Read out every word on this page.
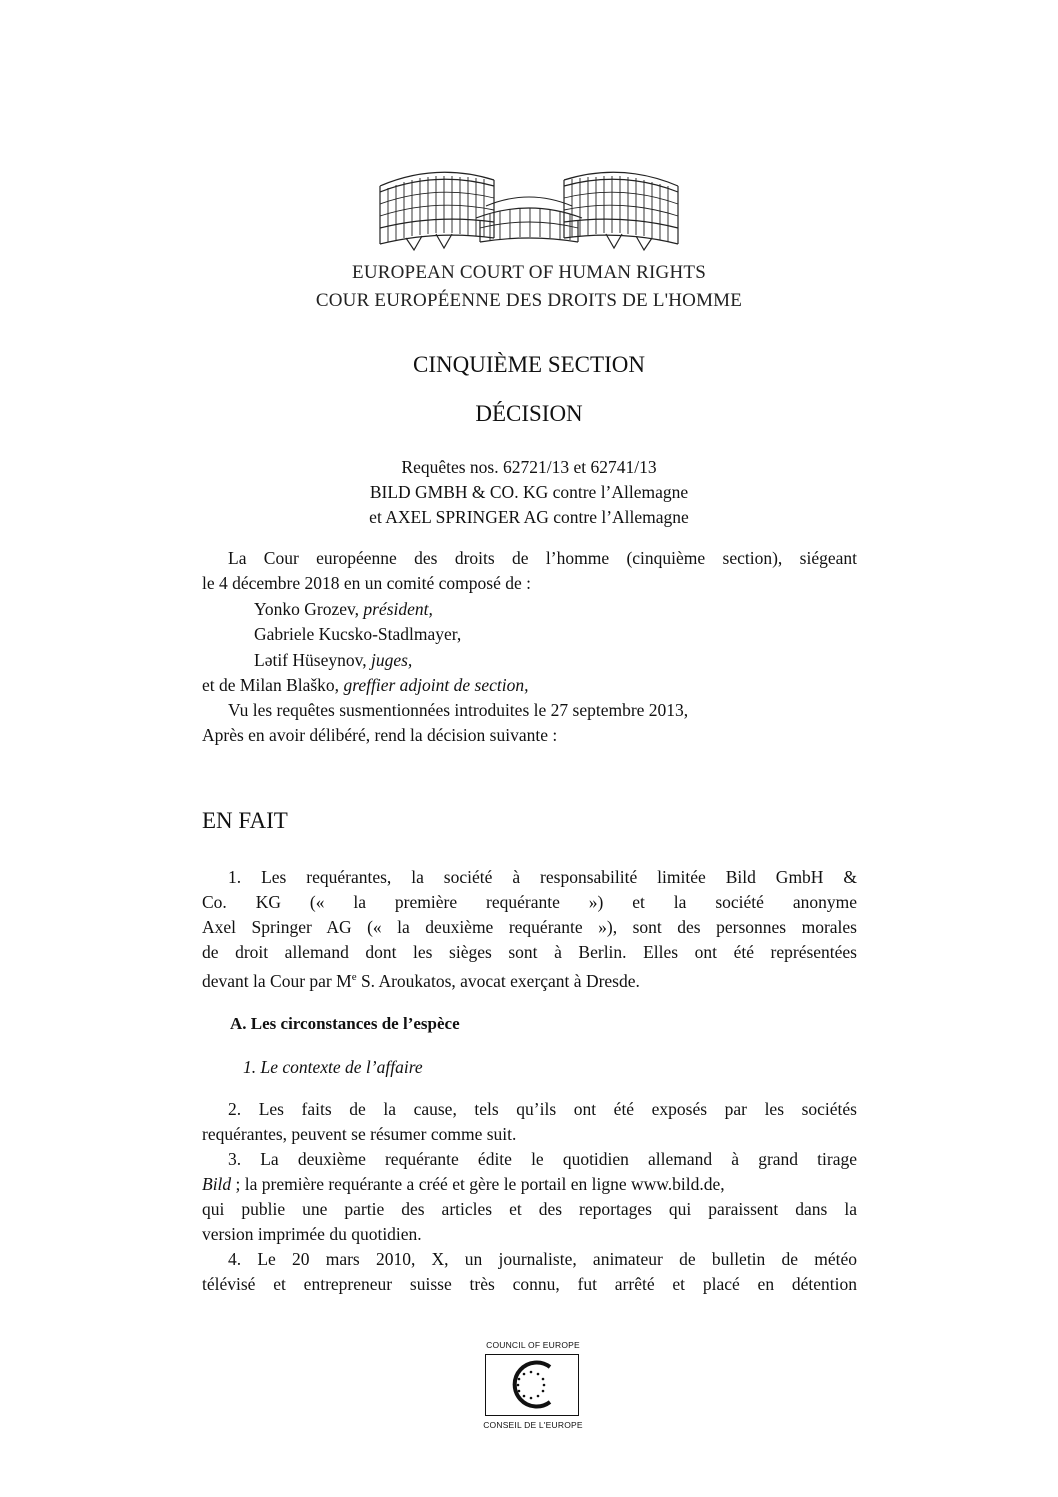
EUROPEAN COURT OF HUMAN RIGHTS
COUR EUROPÉENNE DES DROITS DE L'HOMME
CINQUIÈME SECTION
DÉCISION
Requêtes nos. 62721/13 et 62741/13
BILD GMBH & CO. KG contre l’Allemagne
et AXEL SPRINGER AG contre l’Allemagne
La Cour européenne des droits de l’homme (cinquième section), siégeant
le 4 décembre 2018 en un comité composé de :
Yonko Grozev, président,
Gabriele Kucsko-Stadlmayer,
Lətif Hüseynov, juges,
et de Milan Blaško, greffier adjoint de section,
Vu les requêtes susmentionnées introduites le 27 septembre 2013,
Après en avoir délibéré, rend la décision suivante :
EN FAIT
1. Les requérantes, la société à responsabilité limitée Bild GmbH &
Co. KG (« la première requérante ») et la société anonyme
Axel Springer AG (« la deuxième requérante »), sont des personnes morales
de droit allemand dont les sièges sont à Berlin. Elles ont été représentées
devant la Cour par Me S. Aroukatos, avocat exerçant à Dresde.
A. Les circonstances de l’espèce
1. Le contexte de l’affaire
2. Les faits de la cause, tels qu’ils ont été exposés par les sociétés
requérantes, peuvent se résumer comme suit.
3. La deuxième requérante édite le quotidien allemand à grand tirage
Bild ; la première requérante a créé et gère le portail en ligne www.bild.de,
qui publie une partie des articles et des reportages qui paraissent dans la
version imprimée du quotidien.
4. Le 20 mars 2010, X, un journaliste, animateur de bulletin de météo
télévisé et entrepreneur suisse très connu, fut arrêté et placé en détention
COUNCIL OF EUROPE
CONSEIL DE L'EUROPE
